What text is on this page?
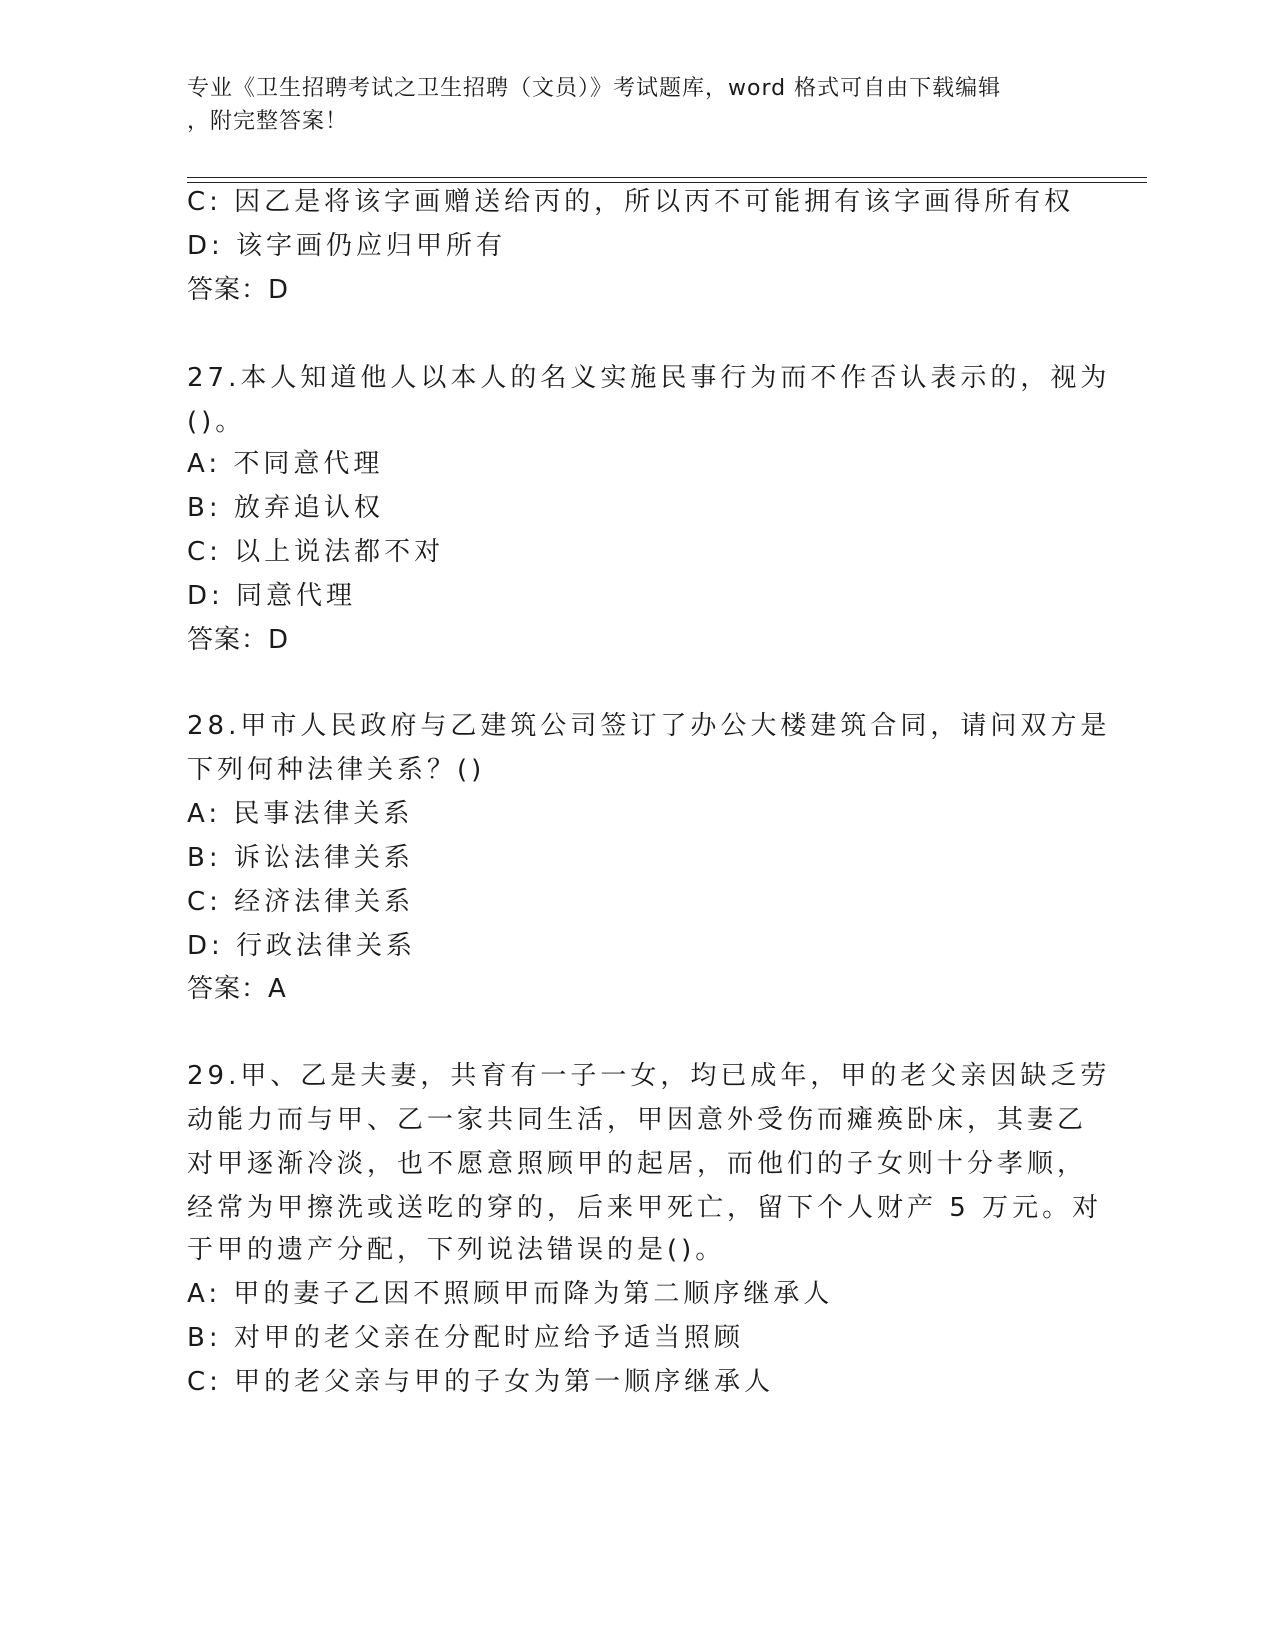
专业《卫生招聘考试之卫生招聘（文员）》考试题库，word 格式可自由下载编辑
，附完整答案！
C: 因乙是将该字画赠送给丙的，所以丙不可能拥有该字画得所有权
D: 该字画仍应归甲所有
答案：D
27.本人知道他人以本人的名义实施民事行为而不作否认表示的，视为
()。
A: 不同意代理
B: 放弃追认权
C: 以上说法都不对
D: 同意代理
答案：D
28.甲市人民政府与乙建筑公司签订了办公大楼建筑合同，请问双方是
下列何种法律关系？()
A: 民事法律关系
B: 诉讼法律关系
C: 经济法律关系
D: 行政法律关系
答案：A
29.甲、乙是夫妻，共育有一子一女，均已成年，甲的老父亲因缺乏劳
动能力而与甲、乙一家共同生活，甲因意外受伤而瘫痪卧床，其妻乙
对甲逐渐冷淡，也不愿意照顾甲的起居，而他们的子女则十分孝顺，
经常为甲擦洗或送吃的穿的，后来甲死亡，留下个人财产 5 万元。对
于甲的遗产分配，下列说法错误的是()。
A: 甲的妻子乙因不照顾甲而降为第二顺序继承人
B: 对甲的老父亲在分配时应给予适当照顾
C: 甲的老父亲与甲的子女为第一顺序继承人
